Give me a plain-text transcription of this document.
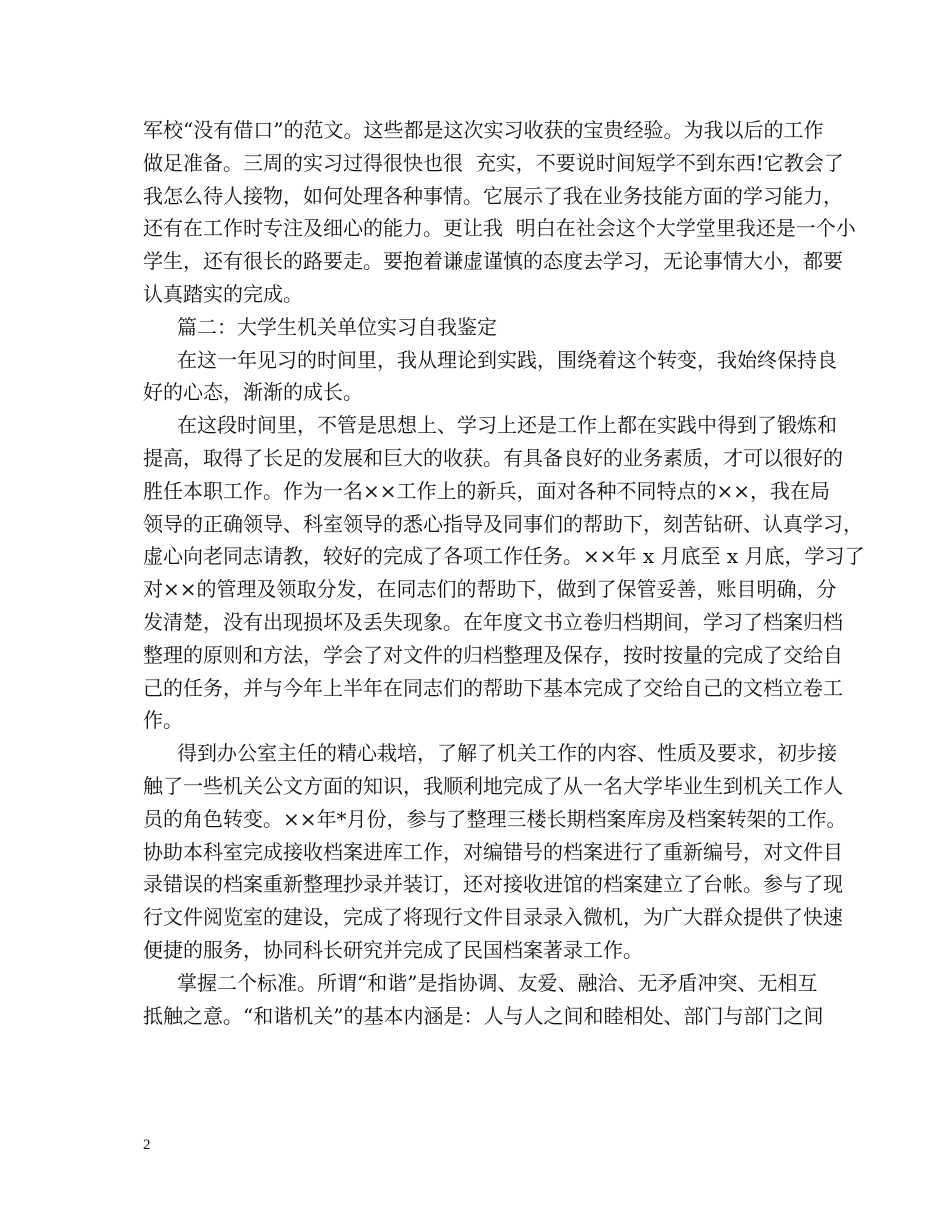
军校“没有借口”的范文。这些都是这次实习收获的宝贵经验。为我以后的工作
做足准备。三周的实习过得很快也很  充实，不要说时间短学不到东西!它教会了
我怎么待人接物，如何处理各种事情。它展示了我在业务技能方面的学习能力，
还有在工作时专注及细心的能力。更让我  明白在社会这个大学堂里我还是一个小
学生，还有很长的路要走。要抱着谦虚谨慎的态度去学习，无论事情大小，都要
认真踏实的完成。
篇二：大学生机关单位实习自我鉴定
在这一年见习的时间里，我从理论到实践，围绕着这个转变，我始终保持良
好的心态，渐渐的成长。
在这段时间里，不管是思想上、学习上还是工作上都在实践中得到了锻炼和
提高，取得了长足的发展和巨大的收获。有具备良好的业务素质，才可以很好的
胜任本职工作。作为一名××工作上的新兵，面对各种不同特点的××，我在局
领导的正确领导、科室领导的悉心指导及同事们的帮助下，刻苦钻研、认真学习，
虚心向老同志请教，较好的完成了各项工作任务。××年 x 月底至 x 月底，学习了
对××的管理及领取分发，在同志们的帮助下，做到了保管妥善，账目明确，分
发清楚，没有出现损坏及丢失现象。在年度文书立卷归档期间，学习了档案归档
整理的原则和方法，学会了对文件的归档整理及保存，按时按量的完成了交给自
己的任务，并与今年上半年在同志们的帮助下基本完成了交给自己的文档立卷工
作。
得到办公室主任的精心栽培，了解了机关工作的内容、性质及要求，初步接
触了一些机关公文方面的知识，我顺利地完成了从一名大学毕业生到机关工作人
员的角色转变。××年*月份，参与了整理三楼长期档案库房及档案转架的工作。
协助本科室完成接收档案进库工作，对编错号的档案进行了重新编号，对文件目
录错误的档案重新整理抄录并装订，还对接收进馆的档案建立了台帐。参与了现
行文件阅览室的建设，完成了将现行文件目录录入微机，为广大群众提供了快速
便捷的服务，协同科长研究并完成了民国档案著录工作。
掌握二个标准。所谓“和谐”是指协调、友爱、融洽、无矛盾冲突、无相互
抵触之意。“和谐机关”的基本内涵是：人与人之间和睦相处、部门与部门之间
2
